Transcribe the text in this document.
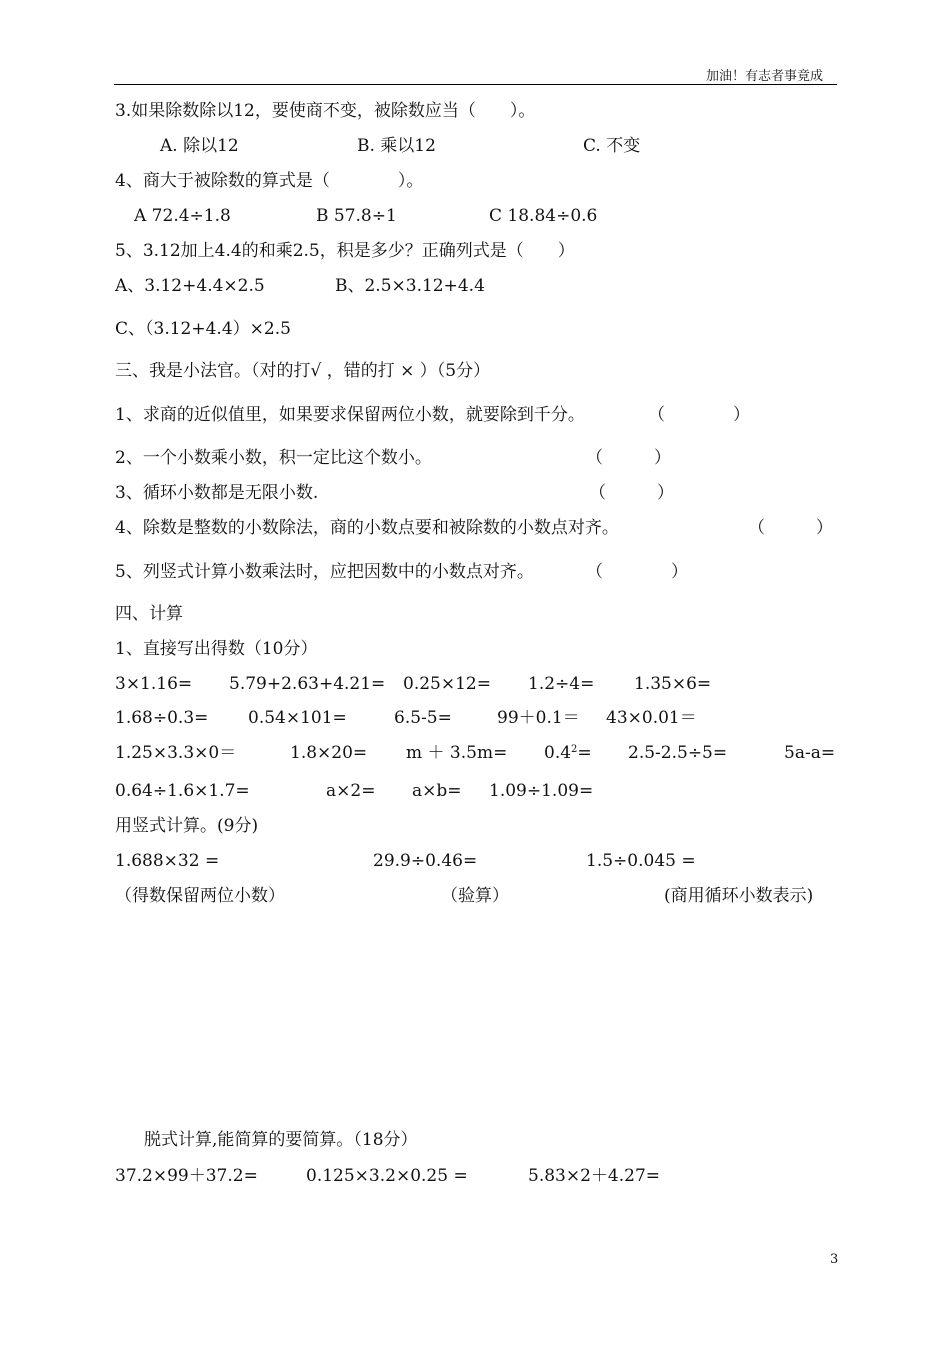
加油！有志者事竟成
3.如果除数除以12，要使商不变，被除数应当（　　）。
A. 除以12	B. 乘以12	C. 不变
4、商大于被除数的算式是（　　　　）。
A 72.4÷1.8	B 57.8÷1	C 18.84÷0.6
5、3.12加上4.4的和乘2.5，积是多少？正确列式是（　　）
A、3.12+4.4×2.5	B、2.5×3.12+4.4
C、（3.12+4.4）×2.5
三、我是小法官。（对的打√ ，错的打 × ）（5分）
1、求商的近似值里，如果要求保留两位小数，就要除到千分。	（　　　　）
2、一个小数乘小数，积一定比这个数小。	（　　　）
3、循环小数都是无限小数.	（　　　）
4、除数是整数的小数除法，商的小数点要和被除数的小数点对齐。	（　　　）
5、列竖式计算小数乘法时，应把因数中的小数点对齐。	（　　　　）
四、计算
1、直接写出得数（10分）
3×1.16= 5.79+2.63+4.21= 0.25×12= 1.2÷4= 1.35×6=
1.68÷0.3= 0.54×101=	6.5-5=	99＋0.1＝ 43×0.01＝
1.25×3.3×0＝	$1.8\times 20= m + 3.5m= 0.4^2= 2.5-2.5\div 5=$	5a-a=
0.64÷1.6×1.7=	a×2= a×b= 1.09÷1.09=
用竖式计算。(9分)
1.688×32 =	29.9÷0.46=	1.5÷0.045 =
（得数保留两位小数）	（验算）	(商用循环小数表示)
脱式计算,能简算的要简算。（18分）
37.2×99＋37.2=	0.125×3.2×0.25 =	5.83×2＋4.27=
3
